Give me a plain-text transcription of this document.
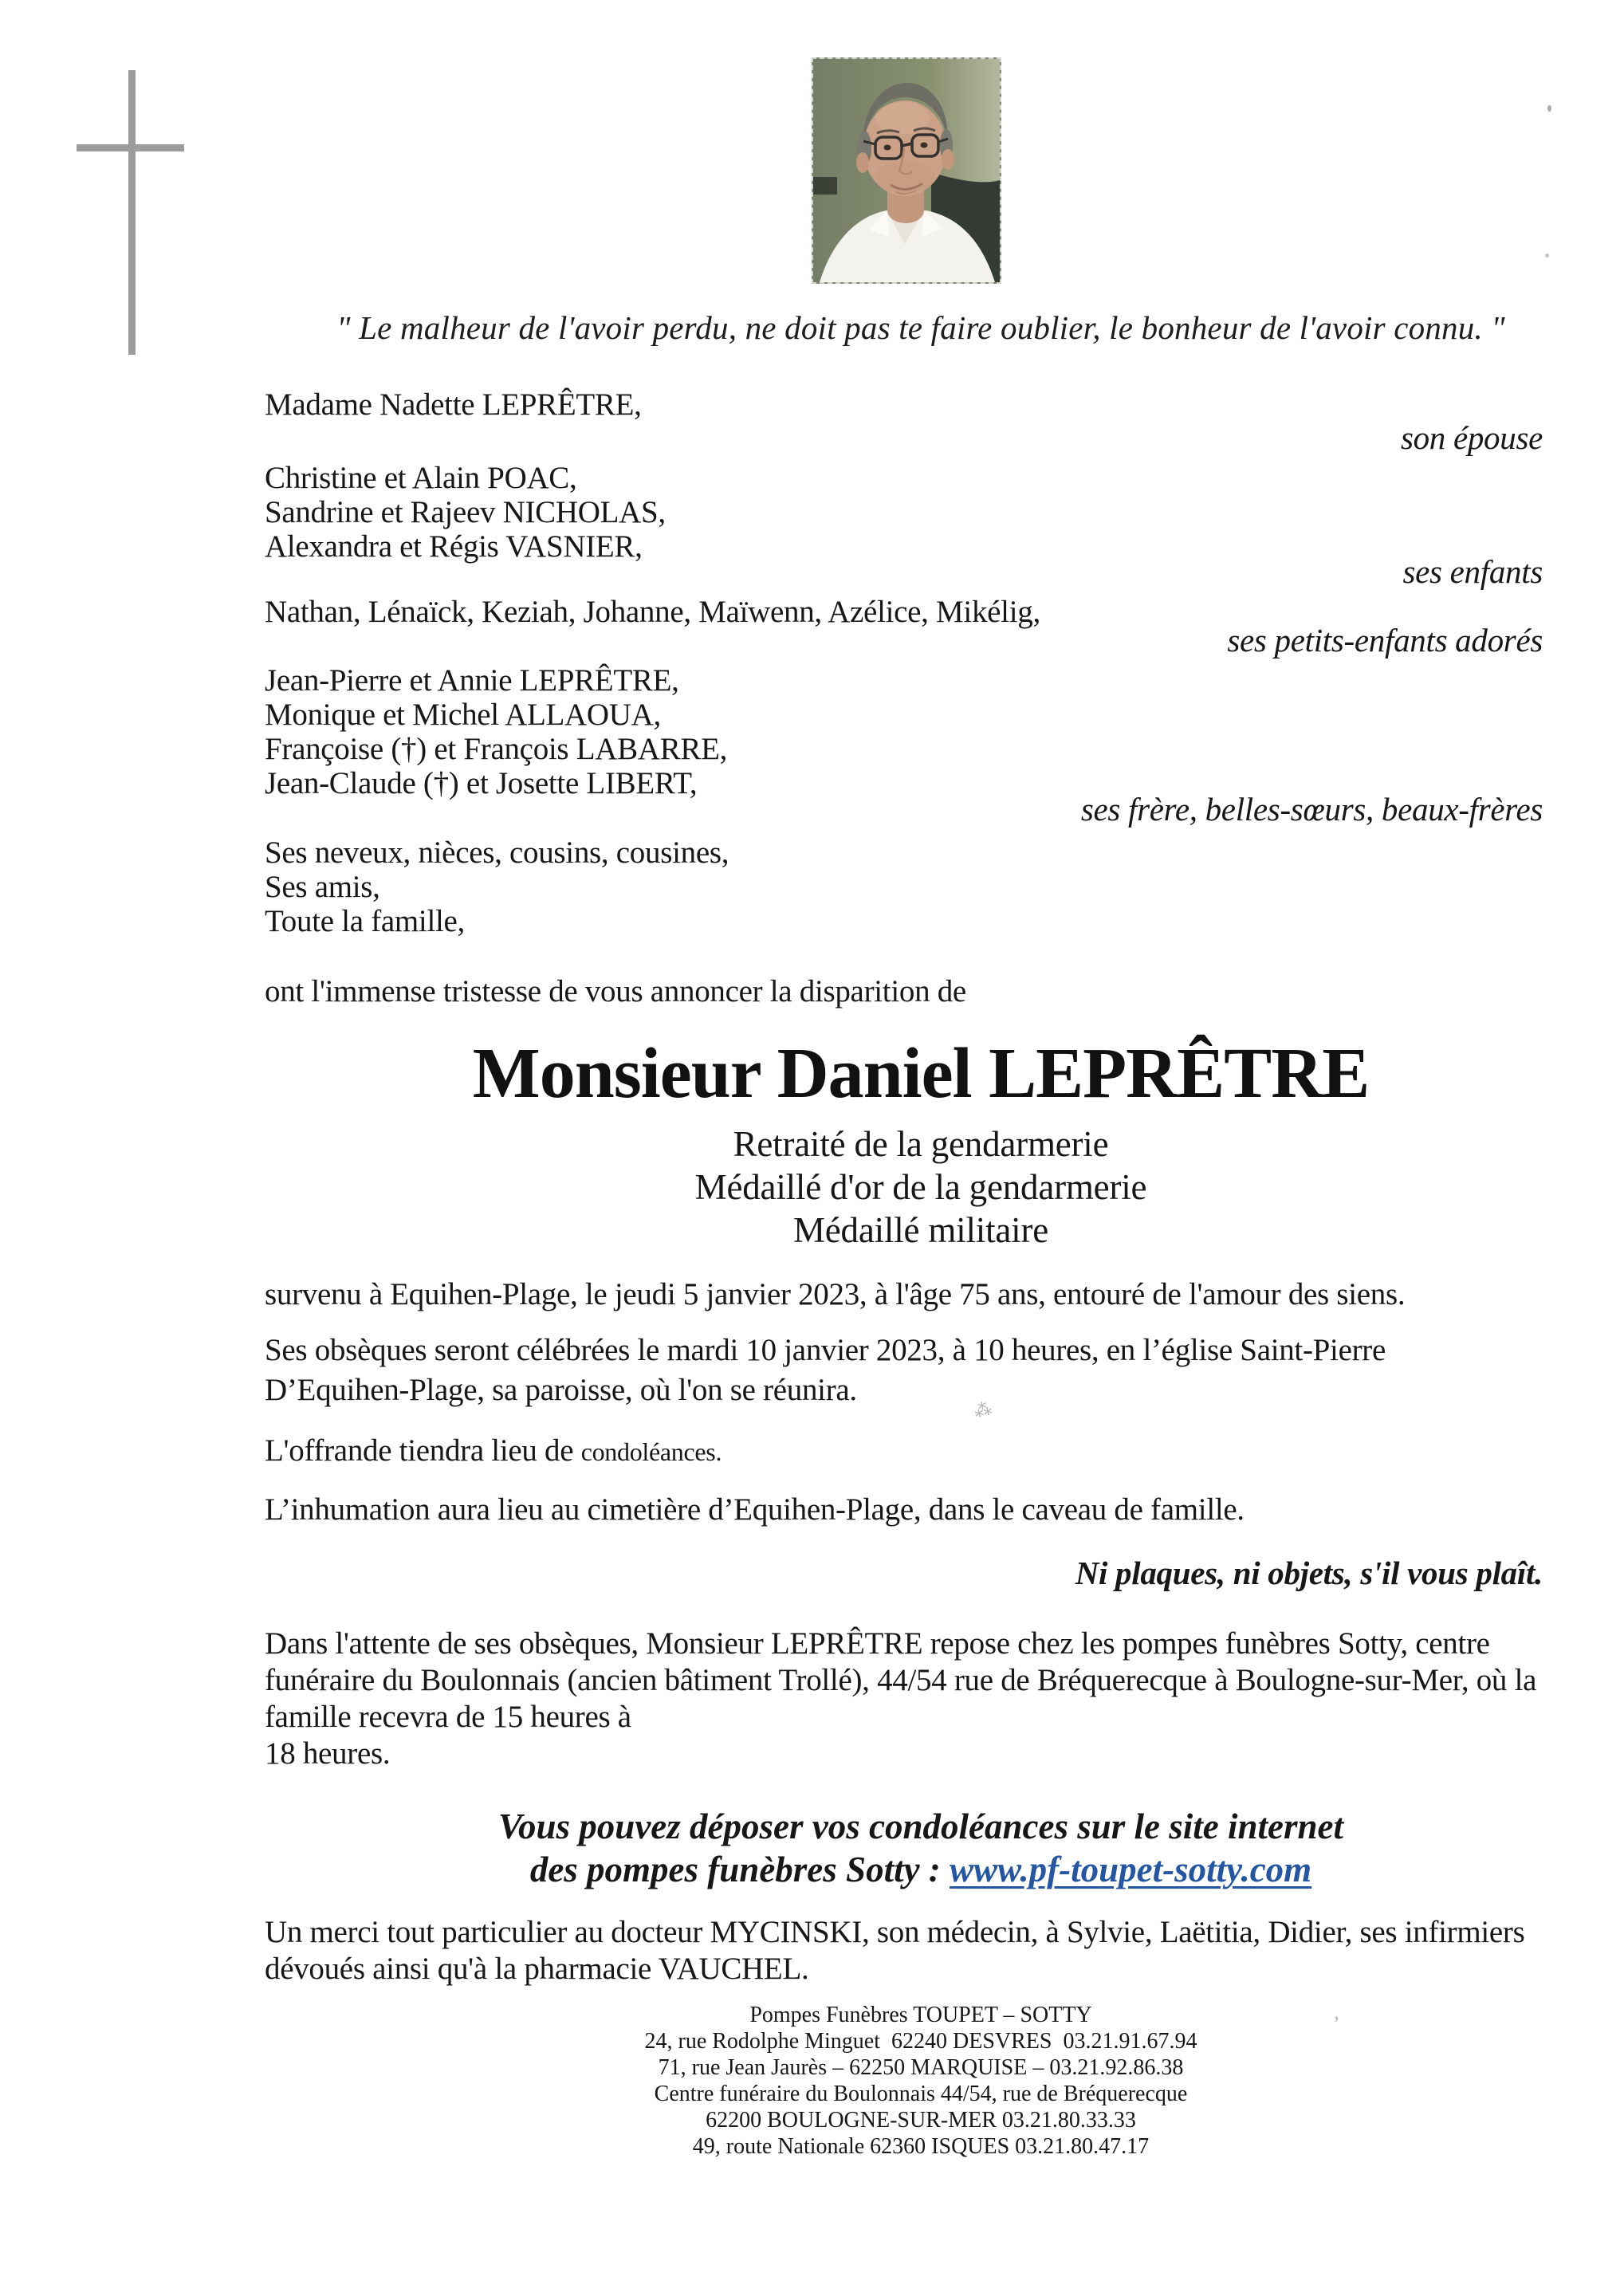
" Le malheur de l'avoir perdu, ne doit pas te faire oublier, le bonheur de l'avoir connu. "
Madame Nadette LEPRÊTRE,
son épouse
Christine et Alain POAC,
Sandrine et Rajeev NICHOLAS,
Alexandra et Régis VASNIER,
ses enfants
Nathan, Lénaïck, Keziah, Johanne, Maïwenn, Azélice, Mikélig,
ses petits-enfants adorés
Jean-Pierre et Annie LEPRÊTRE,
Monique et Michel ALLAOUA,
Françoise (†) et François LABARRE,
Jean-Claude (†) et Josette LIBERT,
ses frère, belles-sœurs, beaux-frères
Ses neveux, nièces, cousins, cousines,
Ses amis,
Toute la famille,
ont l'immense tristesse de vous annoncer la disparition de
Monsieur Daniel LEPRÊTRE
Retraité de la gendarmerie
Médaillé d'or de la gendarmerie
Médaillé militaire
survenu à Equihen-Plage, le jeudi 5 janvier 2023, à l'âge 75 ans, entouré de l'amour des siens.
Ses obsèques seront célébrées le mardi 10 janvier 2023, à 10 heures, en l’église Saint-Pierre
D’Equihen-Plage, sa paroisse, où l'on se réunira.
L'offrande tiendra lieu de condoléances.
L’inhumation aura lieu au cimetière d’Equihen-Plage, dans le caveau de famille.
Ni plaques, ni objets, s'il vous plaît.
Dans l'attente de ses obsèques, Monsieur LEPRÊTRE repose chez les pompes funèbres Sotty, centre
funéraire du Boulonnais (ancien bâtiment Trollé), 44/54 rue de Bréquerecque à Boulogne-sur-Mer, où la
famille recevra de 15 heures à
18 heures.
Vous pouvez déposer vos condoléances sur le site internet
des pompes funèbres Sotty : www.pf-toupet-sotty.com
Un merci tout particulier au docteur MYCINSKI, son médecin, à Sylvie, Laëtitia, Didier, ses infirmiers
dévoués ainsi qu'à la pharmacie VAUCHEL.
Pompes Funèbres TOUPET – SOTTY
24, rue Rodolphe Minguet  62240 DESVRES  03.21.91.67.94
71, rue Jean Jaurès – 62250 MARQUISE – 03.21.92.86.38
Centre funéraire du Boulonnais 44/54, rue de Bréquerecque
62200 BOULOGNE-SUR-MER 03.21.80.33.33
49, route Nationale 62360 ISQUES 03.21.80.47.17
⁂
’
